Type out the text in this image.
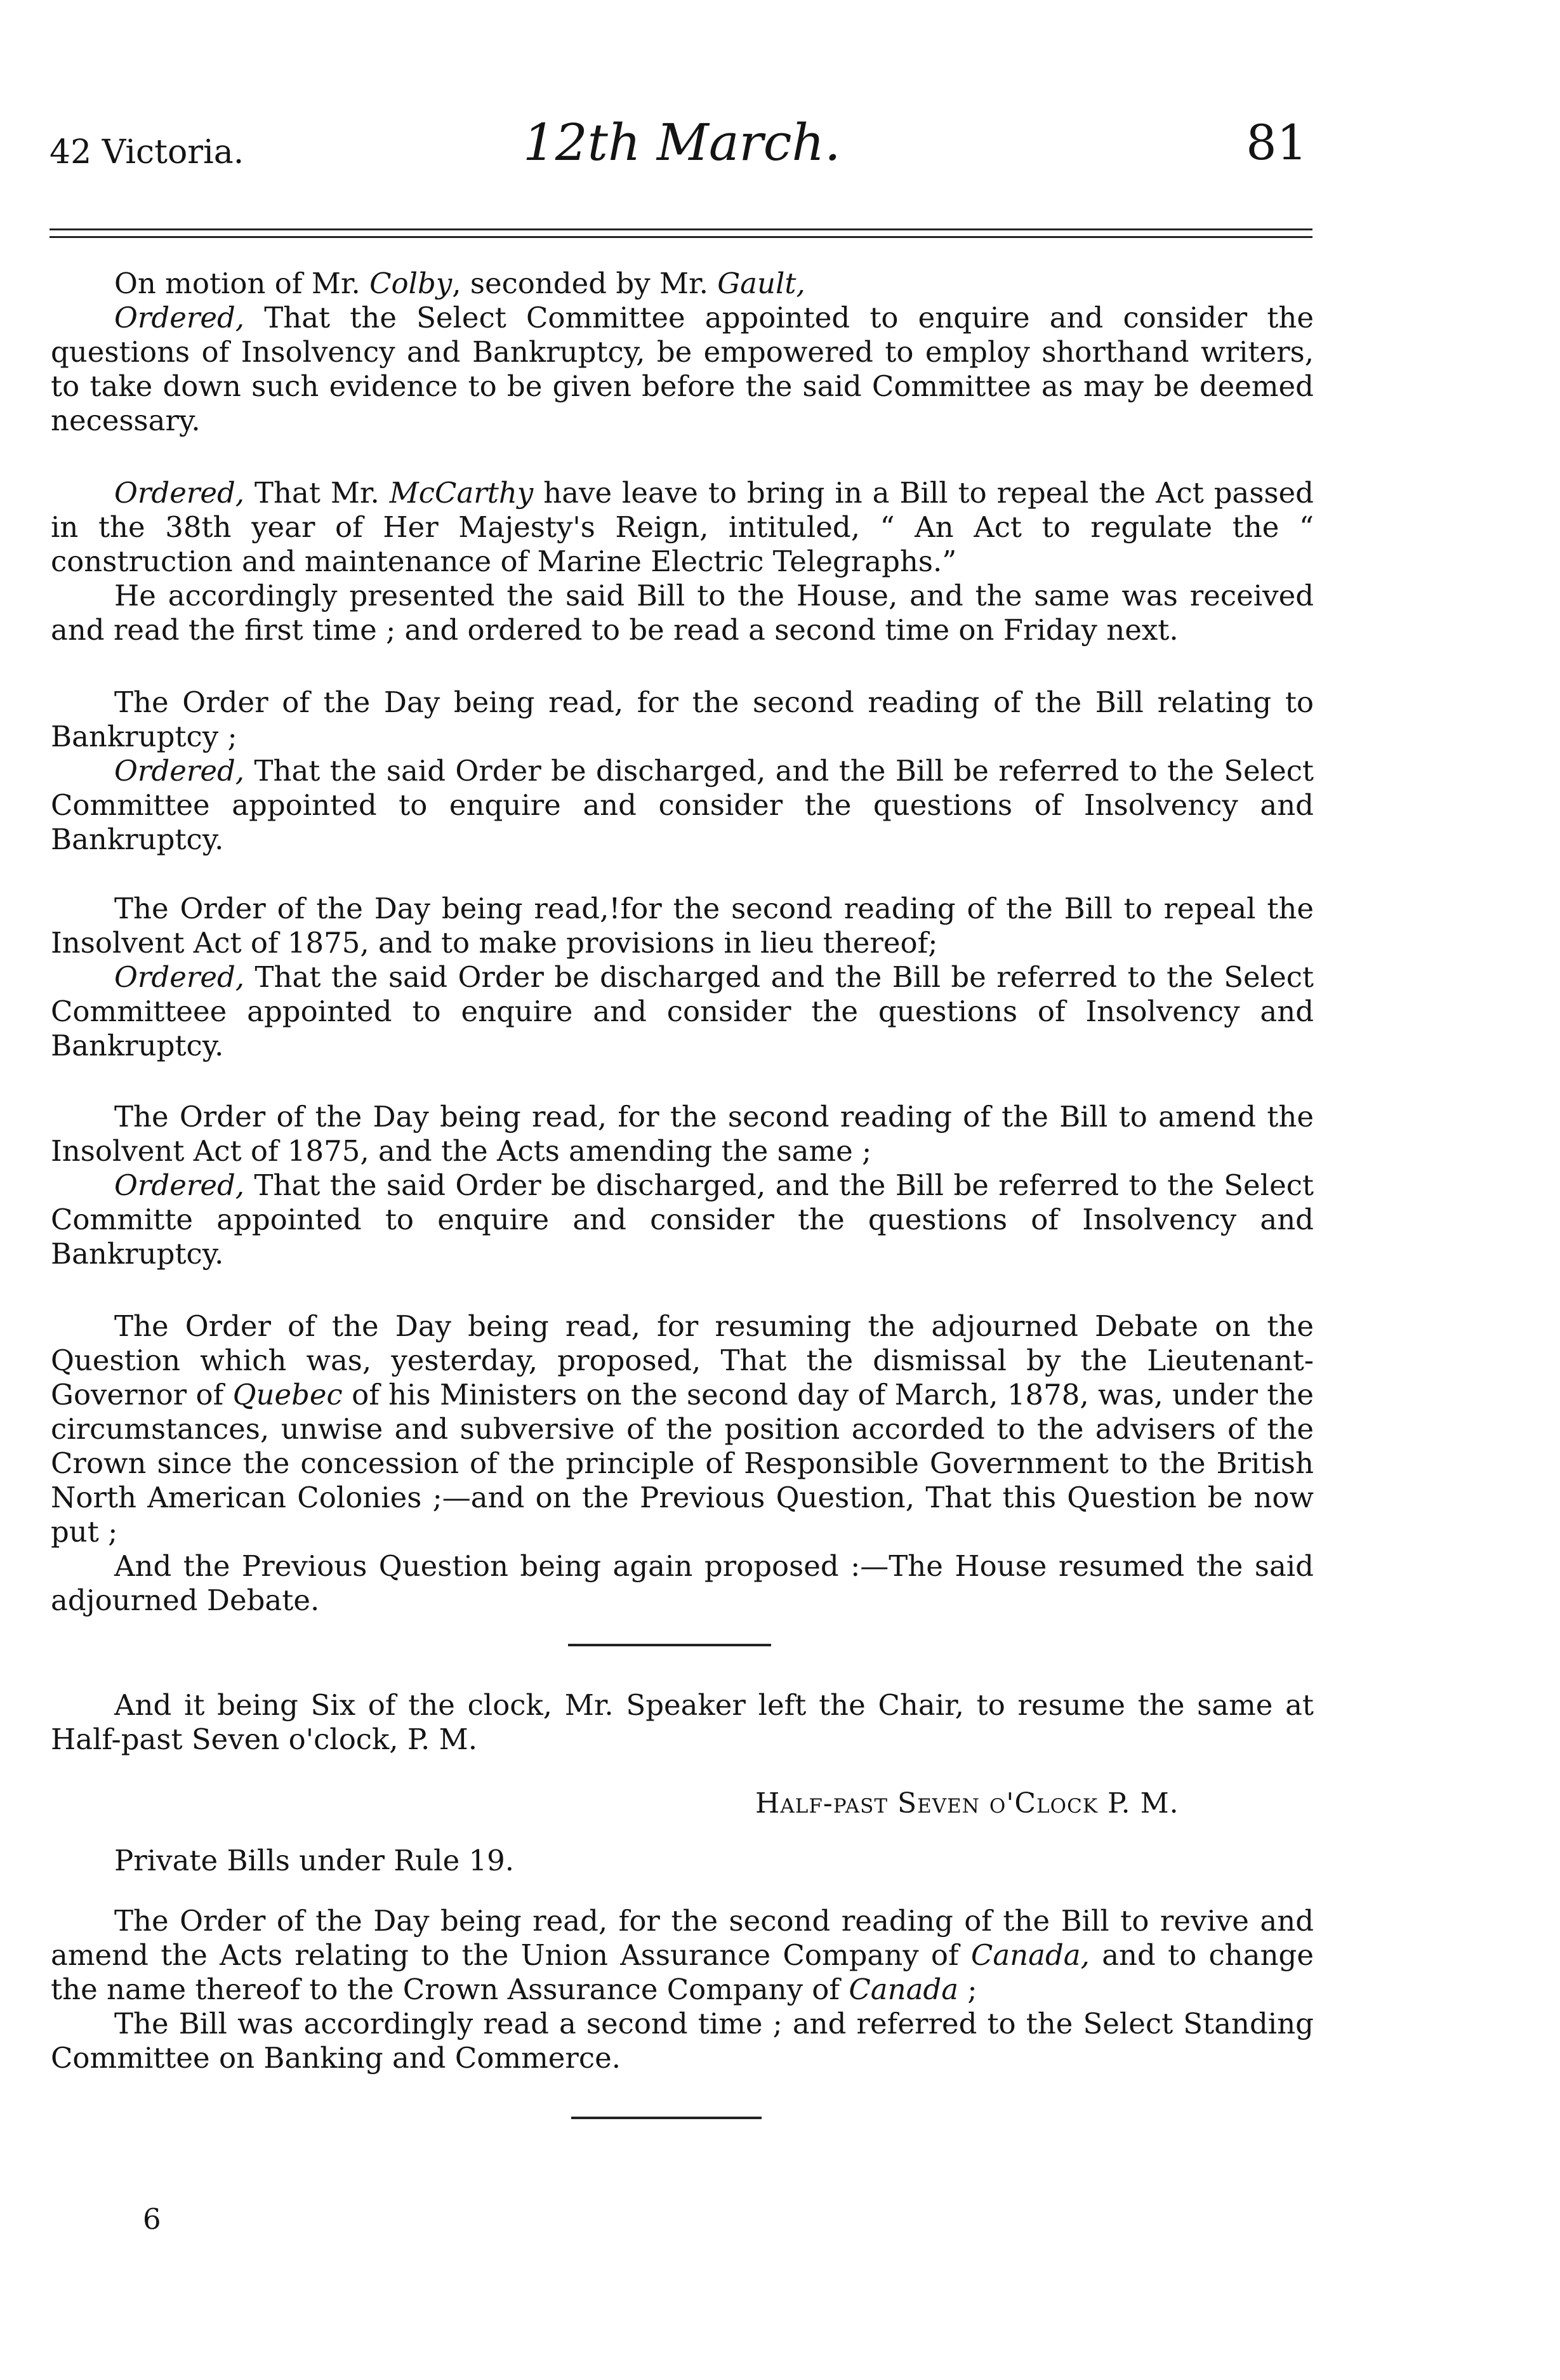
42 Victoria.	12th March.	81

On motion of Mr. Colby, seconded by Mr. Gault,

Ordered, That the Select Committee appointed to enquire and consider the questions of Insolvency and Bankruptcy, be empowered to employ shorthand writers, to take down such evidence to be given before the said Committee as may be deemed necessary.

Ordered, That Mr. McCarthy have leave to bring in a Bill to repeal the Act passed in the 38th year of Her Majesty's Reign, intituled, “ An Act to regulate the “ construction and maintenance of Marine Electric Telegraphs.”

He accordingly presented the said Bill to the House, and the same was received and read the first time ; and ordered to be read a second time on Friday next.

The Order of the Day being read, for the second reading of the Bill relating to Bankruptcy ;

Ordered, That the said Order be discharged, and the Bill be referred to the Select Committee appointed to enquire and consider the questions of Insolvency and Bankruptcy.

The Order of the Day being read,!for the second reading of the Bill to repeal the Insolvent Act of 1875, and to make provisions in lieu thereof;

Ordered, That the said Order be discharged and the Bill be referred to the Select Committeee appointed to enquire and consider the questions of Insolvency and Bankruptcy.

The Order of the Day being read, for the second reading of the Bill to amend the Insolvent Act of 1875, and the Acts amending the same ;

Ordered, That the said Order be discharged, and the Bill be referred to the Select Committe appointed to enquire and consider the questions of Insolvency and Bankruptcy.

The Order of the Day being read, for resuming the adjourned Debate on the Question which was, yesterday, proposed, That the dismissal by the Lieutenant-Governor of Quebec of his Ministers on the second day of March, 1878, was, under the circumstances, unwise and subversive of the position accorded to the advisers of the Crown since the concession of the principle of Responsible Government to the British North American Colonies ;—and on the Previous Question, That this Question be now put ;

And the Previous Question being again proposed :—The House resumed the said adjourned Debate.

And it being Six of the clock, Mr. Speaker left the Chair, to resume the same at Half-past Seven o'clock, P. M.

Half-past Seven o'Clock P. M.
Private Bills under Rule 19.

The Order of the Day being read, for the second reading of the Bill to revive and amend the Acts relating to the Union Assurance Company of Canada, and to change the name thereof to the Crown Assurance Company of Canada ;

The Bill was accordingly read a second time ; and referred to the Select Standing Committee on Banking and Commerce.

6
